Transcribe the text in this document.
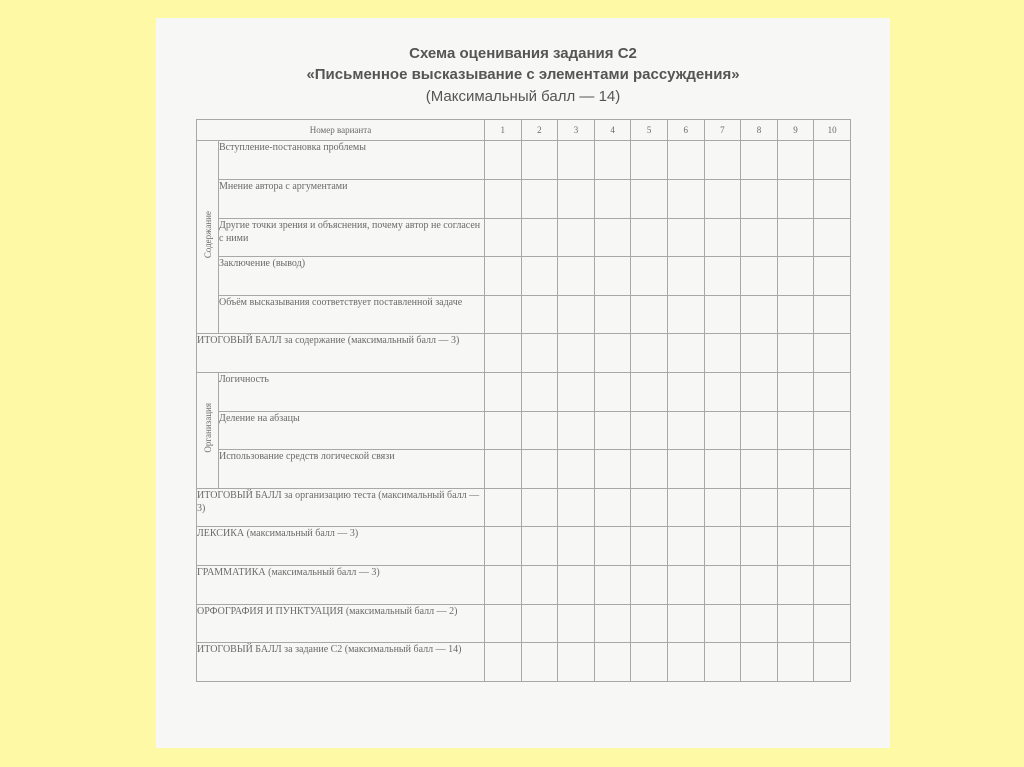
Схема оценивания задания С2
«Письменное высказывание с элементами рассуждения»
(Максимальный балл — 14)
Номер варианта		1	2	3	4	5	6	7	8	9	10
Содержание	Вступление-постановка проблемы										
	Мнение автора с аргументами										
	Другие точки зрения и объяснения, почему автор не согласен с ними										
	Заключение (вывод)										
	Объём высказывания соответствует поставленной задаче										
ИТОГОВЫЙ БАЛЛ за содержание (максимальный балл — 3)											
Организация	Логичность										
	Деление на абзацы										
	Использование средств логической связи										
ИТОГОВЫЙ БАЛЛ за организацию теста (максимальный балл — 3)											
ЛЕКСИКА (максимальный балл — 3)											
ГРАММАТИКА (максимальный балл — 3)											
ОРФОГРАФИЯ И ПУНКТУАЦИЯ (максимальный балл — 2)											
ИТОГОВЫЙ БАЛЛ за задание С2 (максимальный балл — 14)											
